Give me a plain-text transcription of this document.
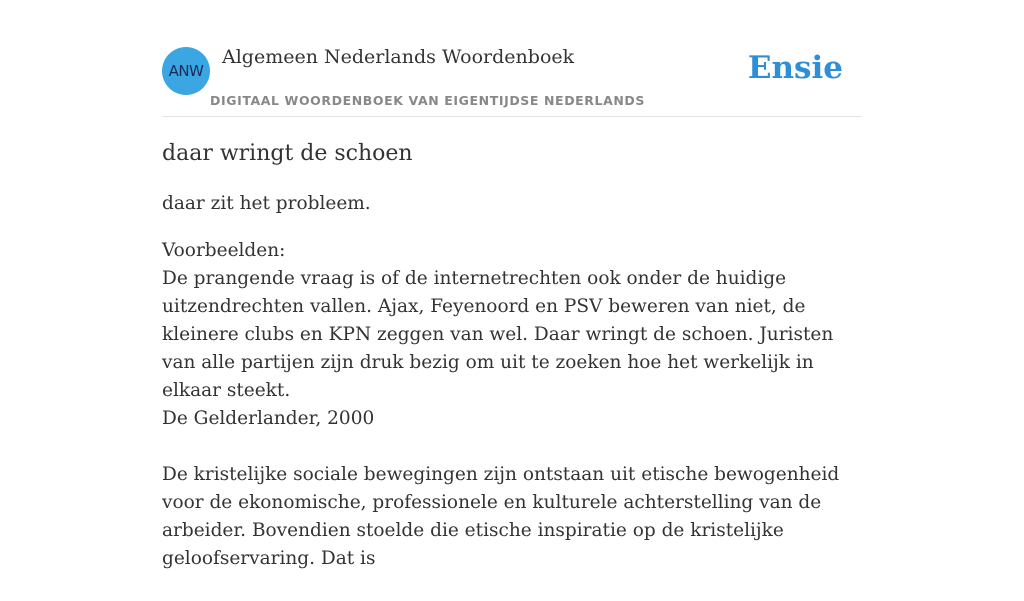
ANW
Algemeen Nederlands Woordenboek
DIGITAAL WOORDENBOEK VAN EIGENTIJDSE NEDERLANDS
Ensie
daar wringt de schoen
daar zit het probleem.

Voorbeelden:

De prangende vraag is of de internetrechten ook onder de huidige uitzendrechten vallen. Ajax, Feyenoord en PSV beweren van niet, de kleinere clubs en KPN zeggen van wel. Daar wringt de schoen. Juristen van alle partijen zijn druk bezig om uit te zoeken hoe het werkelijk in elkaar steekt.

De Gelderlander, 2000

De kristelijke sociale bewegingen zijn ontstaan uit etische bewogenheid voor de ekonomische, professionele en kulturele achterstelling van de arbeider. Bovendien stoelde die etische inspiratie op de kristelijke geloofservaring. Dat is
